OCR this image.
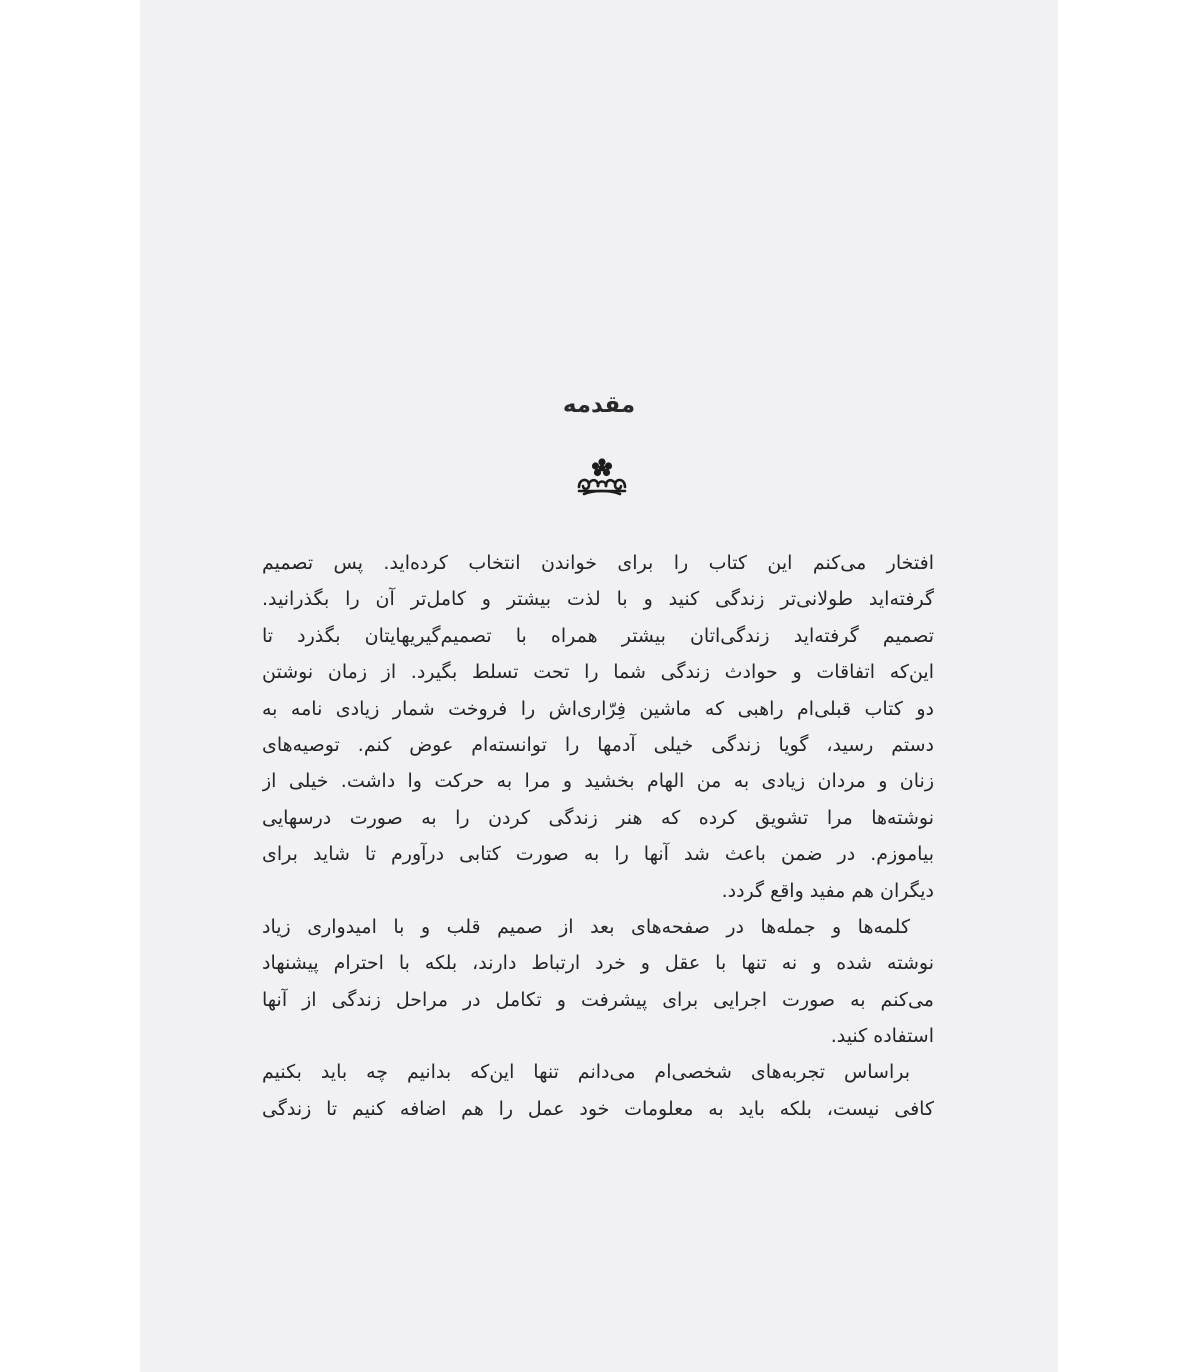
مقدمه

افتخار می‌کنم این کتاب را برای خواندن انتخاب کرده‌اید. پس تصمیم
گرفته‌اید طولانی‌تر زندگی کنید و با لذت بیشتر و کامل‌تر آن را بگذرانید.
تصمیم گرفته‌اید زندگی‌اتان بیشتر همراه با تصمیم‌گیریهایتان بگذرد تا
این‌که اتفاقات و حوادث زندگی شما را تحت تسلط بگیرد. از زمان نوشتن
دو کتاب قبلی‌ام راهبی که ماشین فِرّاری‌اش را فروخت شمار زیادی نامه به
دستم رسید، گویا زندگی خیلی آدمها را توانسته‌ام عوض کنم. توصیه‌های
زنان و مردان زیادی به من الهام بخشید و مرا به حرکت وا داشت. خیلی از
نوشته‌ها مرا تشویق کرده که هنر زندگی کردن را به صورت درسهایی
بیاموزم. در ضمن باعث شد آنها را به صورت کتابی درآورم تا شاید برای
دیگران هم مفید واقع گردد.

کلمه‌ها و جمله‌ها در صفحه‌های بعد از صمیم قلب و با امیدواری زیاد
نوشته شده و نه تنها با عقل و خرد ارتباط دارند، بلکه با احترام پیشنهاد
می‌کنم به صورت اجرایی برای پیشرفت و تکامل در مراحل زندگی از آنها
استفاده کنید.

براساس تجربه‌های شخصی‌ام می‌دانم تنها این‌که بدانیم چه باید بکنیم
کافی نیست، بلکه باید به معلومات خود عمل را هم اضافه کنیم تا زندگی
